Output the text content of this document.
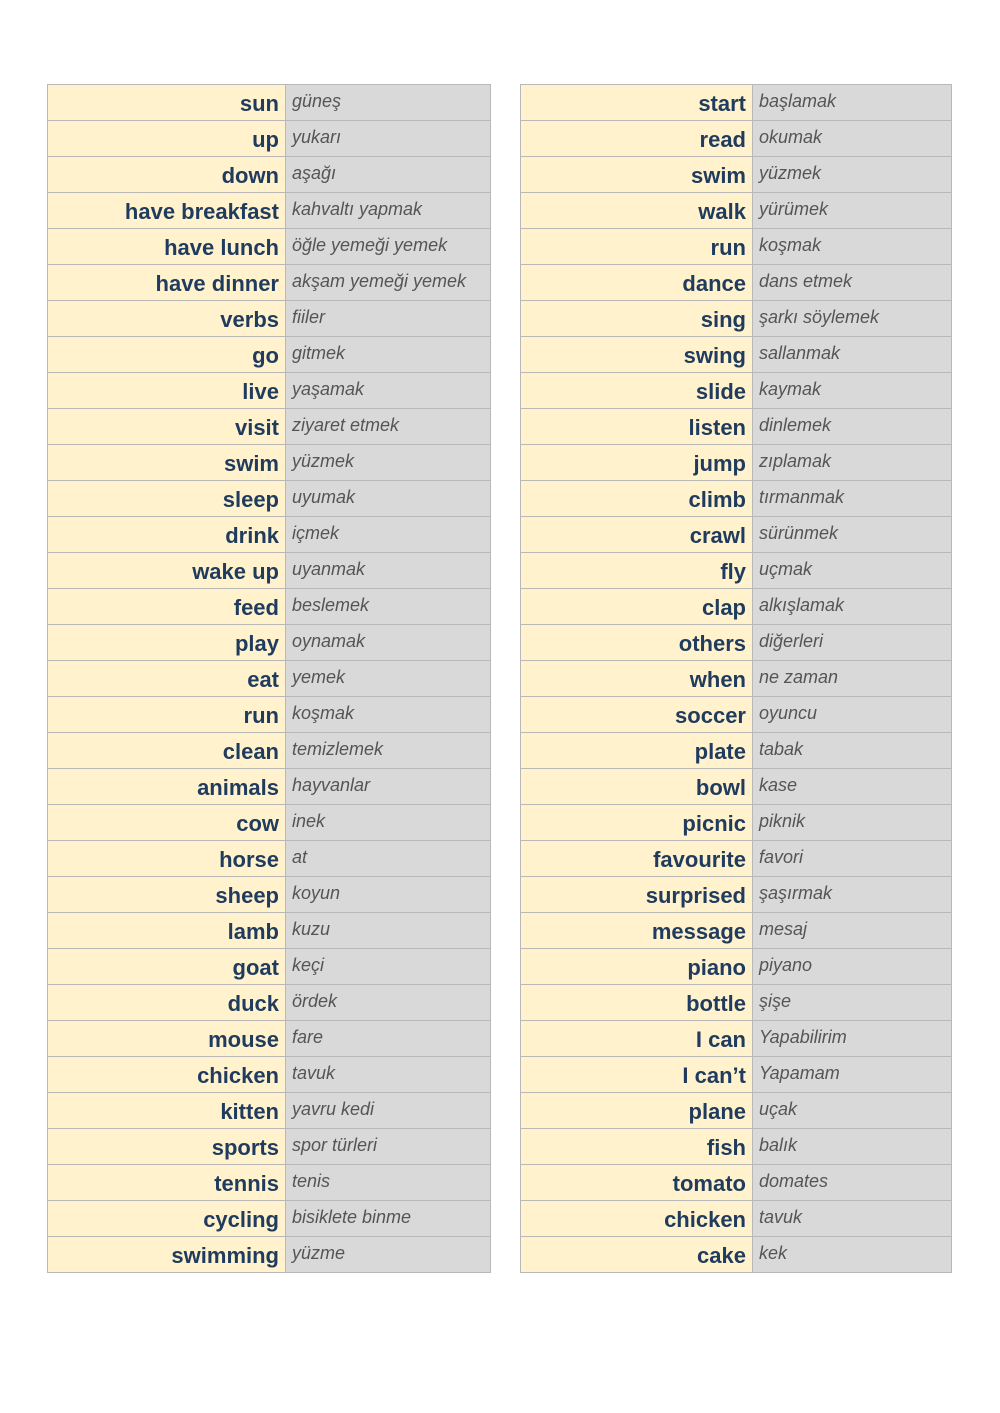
sun	güneş
up	yukarı
down	aşağı
have breakfast	kahvaltı yapmak
have lunch	öğle yemeği yemek
have dinner	akşam yemeği yemek
verbs	fiiler
go	gitmek
live	yaşamak
visit	ziyaret etmek
swim	yüzmek
sleep	uyumak
drink	içmek
wake up	uyanmak
feed	beslemek
play	oynamak
eat	yemek
run	koşmak
clean	temizlemek
animals	hayvanlar
cow	inek
horse	at
sheep	koyun
lamb	kuzu
goat	keçi
duck	ördek
mouse	fare
chicken	tavuk
kitten	yavru kedi
sports	spor türleri
tennis	tenis
cycling	bisiklete binme
swimming	yüzme
start	başlamak
read	okumak
swim	yüzmek
walk	yürümek
run	koşmak
dance	dans etmek
sing	şarkı söylemek
swing	sallanmak
slide	kaymak
listen	dinlemek
jump	zıplamak
climb	tırmanmak
crawl	sürünmek
fly	uçmak
clap	alkışlamak
others	diğerleri
when	ne zaman
soccer	oyuncu
plate	tabak
bowl	kase
picnic	piknik
favourite	favori
surprised	şaşırmak
message	mesaj
piano	piyano
bottle	şişe
I can	Yapabilirim
I can’t	Yapamam
plane	uçak
fish	balık
tomato	domates
chicken	tavuk
cake	kek
